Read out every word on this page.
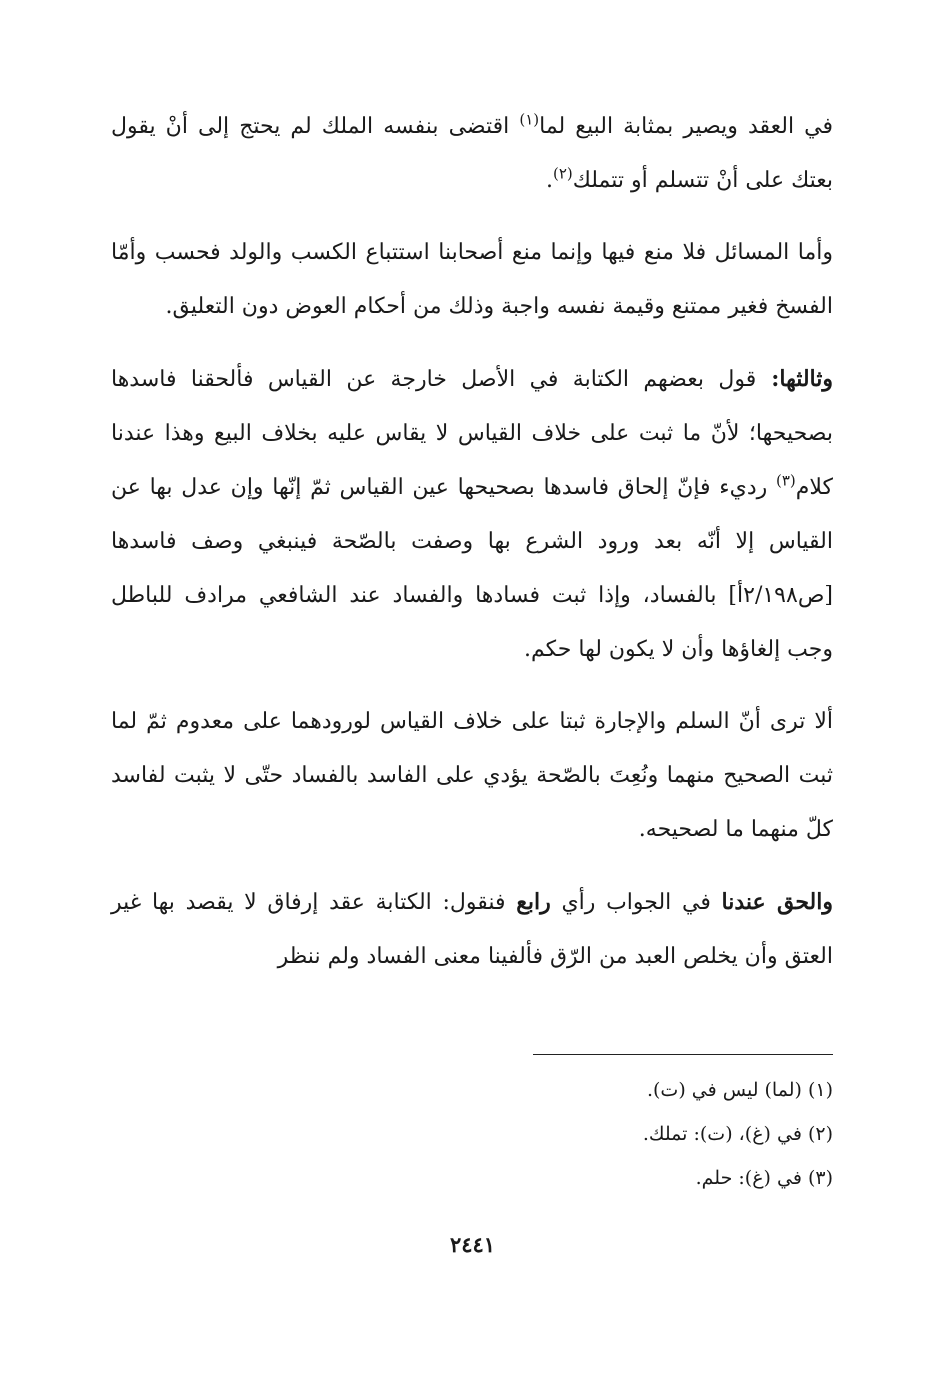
في العقد ويصير بمثابة البيع لما$^{(١)}$ اقتضى بنفسه الملك لم يحتج إلى أنْ يقول بعتك على أنْ تتسلم أو تتملك$^{(٢)}$.

وأما المسائل فلا منع فيها وإنما منع أصحابنا استتباع الكسب والولد فحسب وأمّا الفسخ فغير ممتنع وقيمة نفسه واجبة وذلك من أحكام العوض دون التعليق.

وثالثها: قول بعضهم الكتابة في الأصل خارجة عن القياس فألحقنا فاسدها بصحيحها؛ لأنّ ما ثبت على خلاف القياس لا يقاس عليه بخلاف البيع وهذا عندنا كلام$^{(٣)}$ رديء فإنّ إلحاق فاسدها بصحيحها عين القياس ثمّ إنّها وإن عدل بها عن القياس إلا أنّه بعد ورود الشرع بها وصفت بالصّحة فينبغي وصف فاسدها [ص٢/١٩٨أ] بالفساد، وإذا ثبت فسادها والفساد عند الشافعي مرادف للباطل وجب إلغاؤها وأن لا يكون لها حكم.

ألا ترى أنّ السلم والإجارة ثبتا على خلاف القياس لورودهما على معدوم ثمّ لما ثبت الصحيح منهما ونُعِتَ بالصّحة يؤدي على الفاسد بالفساد حتّى لا يثبت لفاسد كلّ منهما ما لصحيحه.

والحق عندنا في الجواب رأي رابع فنقول: الكتابة عقد إرفاق لا يقصد بها غير العتق وأن يخلص العبد من الرّق فألفينا معنى الفساد ولم ننظر

(١) (لما) ليس في (ت).

(٢) في (غ)، (ت): تملك.

(٣) في (غ): حلم.

٢٤٤١
